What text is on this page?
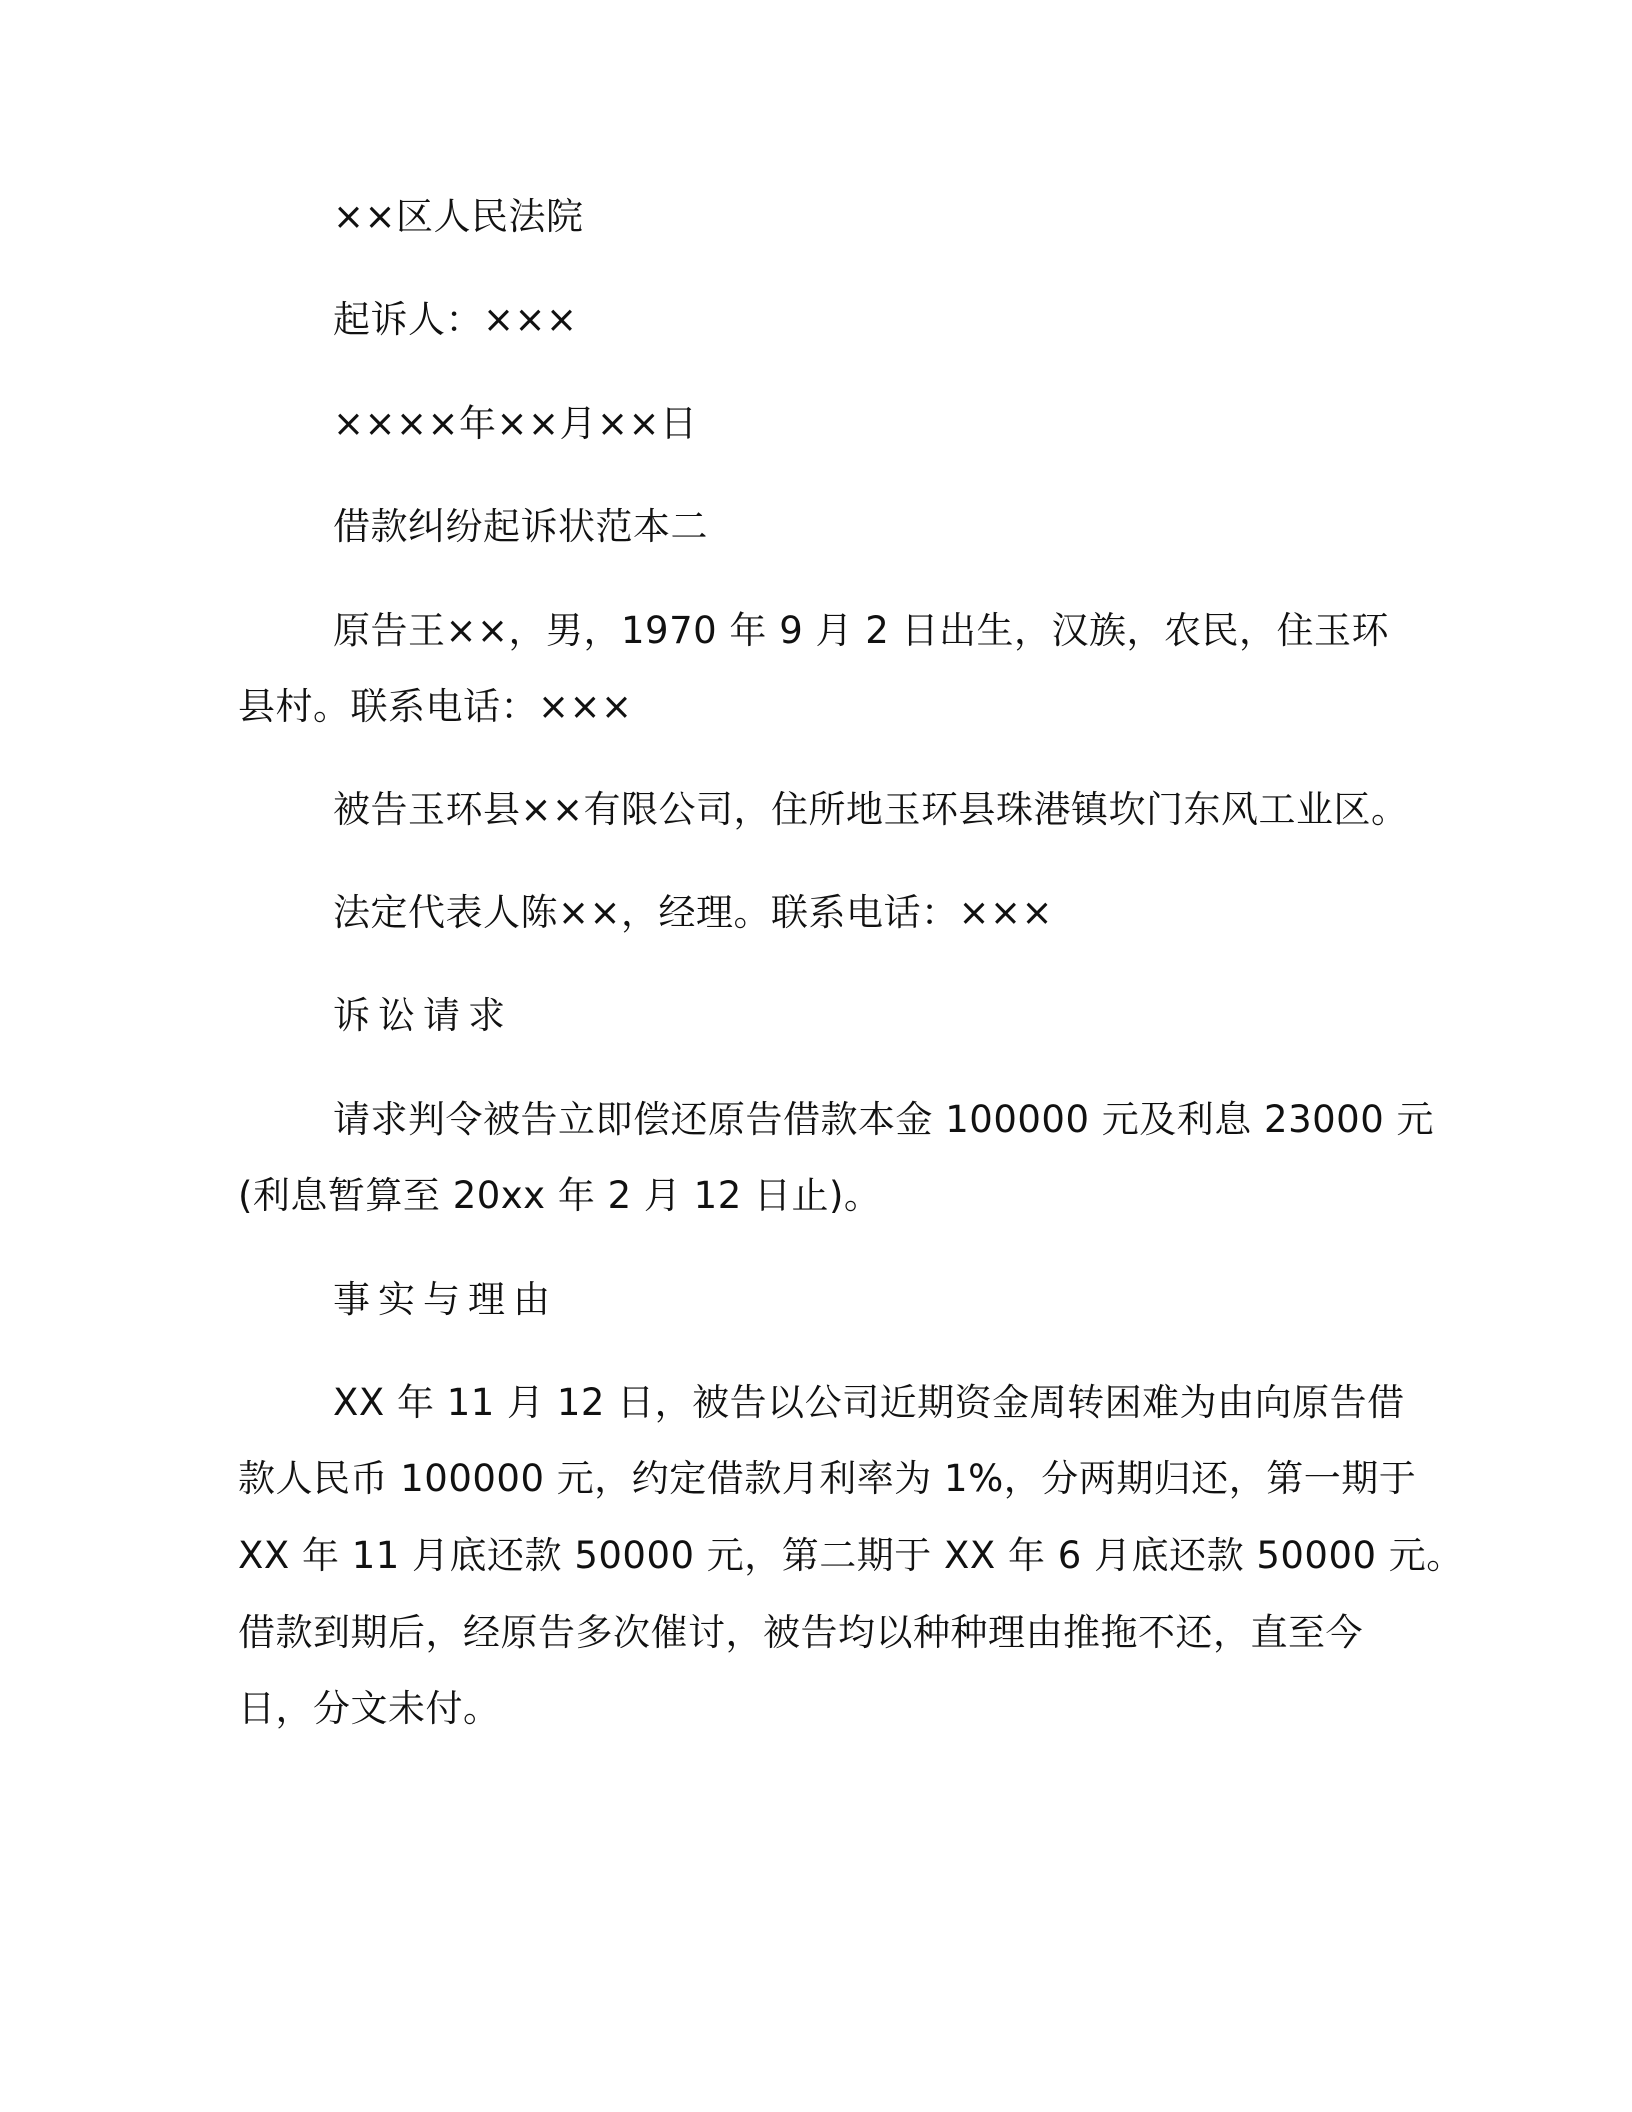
××区人民法院
起诉人：×××
××××年××月××日
借款纠纷起诉状范本二
原告王××，男，1970 年 9 月 2 日出生，汉族，农民，住玉环
县村。联系电话：×××
被告玉环县××有限公司，住所地玉环县珠港镇坎门东风工业区。
法定代表人陈××，经理。联系电话：×××
诉讼请求
请求判令被告立即偿还原告借款本金 100000 元及利息 23000 元
(利息暂算至 20xx 年 2 月 12 日止)。
事实与理由
XX 年 11 月 12 日，被告以公司近期资金周转困难为由向原告借
款人民币 100000 元，约定借款月利率为 1%，分两期归还，第一期于
XX 年 11 月底还款 50000 元，第二期于 XX 年 6 月底还款 50000 元。
借款到期后，经原告多次催讨，被告均以种种理由推拖不还，直至今
日，分文未付。
